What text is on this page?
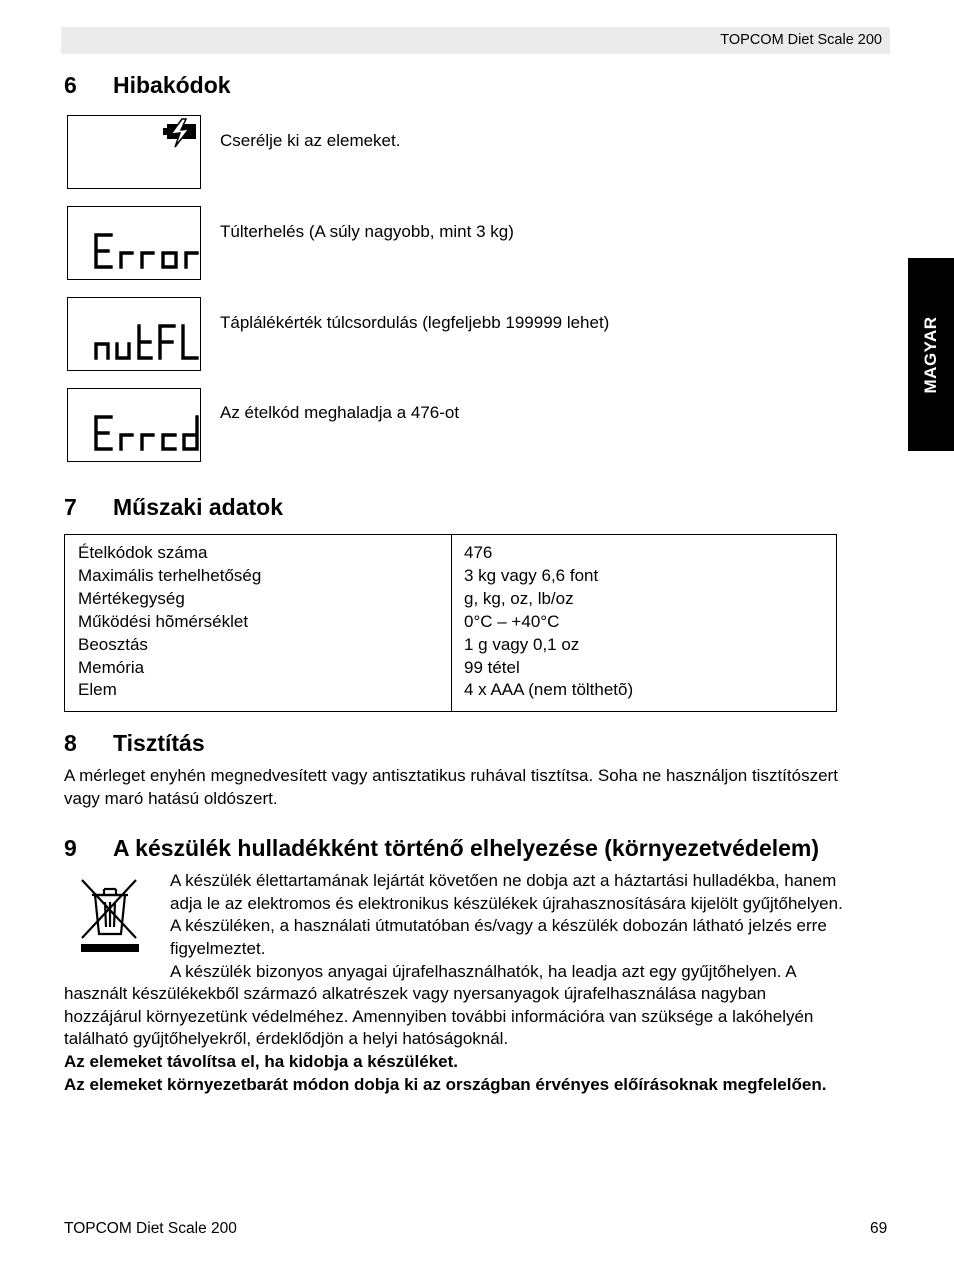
TOPCOM Diet Scale 200
MAGYAR
6 Hibakódok
Cserélje ki az elemeket.
Túlterhelés (A súly nagyobb, mint 3 kg)
Táplálékérték túlcsordulás (legfeljebb 199999 lehet)
Az ételkód meghaladja a 476-ot
7 Műszaki adatok
Ételkódok száma
Maximális terhelhetőség
Mértékegység
Működési hõmérséklet
Beosztás
Memória
Elem
476
3 kg vagy 6,6 font
g, kg, oz, lb/oz
0°C – +40°C
1 g vagy 0,1 oz
99 tétel
4 x AAA (nem tölthetõ)
8 Tisztítás
A mérleget enyhén megnedvesített vagy antisztatikus ruhával tisztítsa. Soha ne használjon tisztítószert
vagy maró hatású oldószert.
9 A készülék hulladékként történő elhelyezése (környezetvédelem)
A készülék élettartamának lejártát követően ne dobja azt a háztartási hulladékba, hanem
adja le az elektromos és elektronikus készülékek újrahasznosítására kijelölt gyűjtőhelyen.
A készüléken, a használati útmutatóban és/vagy a készülék dobozán látható jelzés erre
figyelmeztet.
A készülék bizonyos anyagai újrafelhasználhatók, ha leadja azt egy gyűjtőhelyen. A
használt készülékekből származó alkatrészek vagy nyersanyagok újrafelhasználása nagyban
hozzájárul környezetünk védelméhez. Amennyiben további információra van szüksége a lakóhelyén
található gyűjtőhelyekről, érdeklődjön a helyi hatóságoknál.
Az elemeket távolítsa el, ha kidobja a készüléket.
Az elemeket környezetbarát módon dobja ki az országban érvényes előírásoknak megfelelően.
TOPCOM Diet Scale 200	69
